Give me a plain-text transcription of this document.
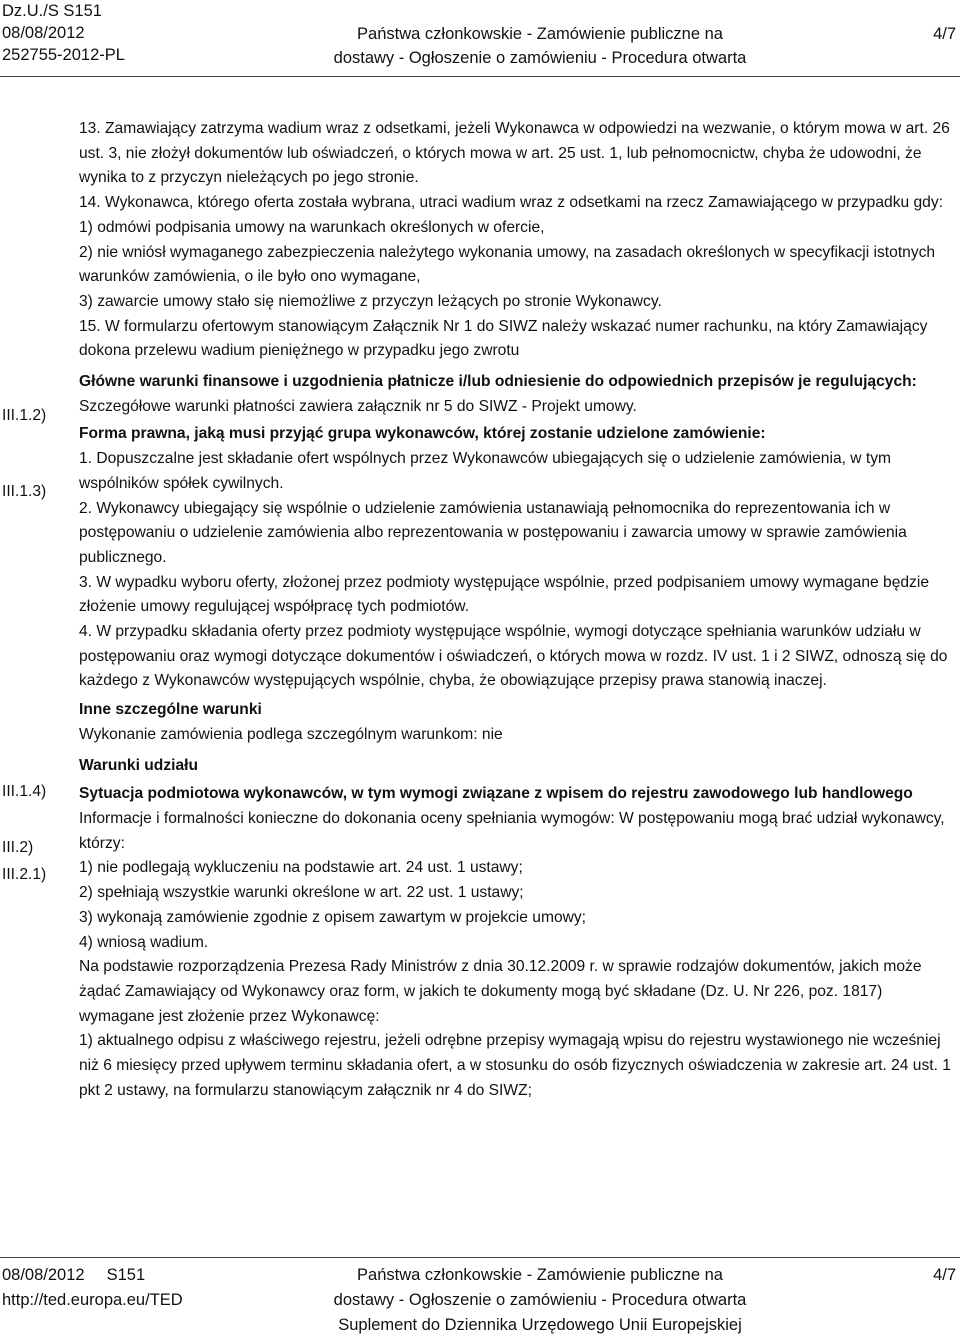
Dz.U./S S151
08/08/2012
252755-2012-PL
Państwa członkowskie - Zamówienie publiczne na
dostawy - Ogłoszenie o zamówieniu - Procedura otwarta
4/7
III.1.2)
III.1.3)
III.1.4)
III.2)
III.2.1)

13. Zamawiający zatrzyma wadium wraz z odsetkami, jeżeli Wykonawca w odpowiedzi na wezwanie, o którym mowa w art. 26 ust. 3, nie złożył dokumentów lub oświadczeń, o których mowa w art. 25 ust. 1, lub pełnomocnictw, chyba że udowodni, że wynika to z przyczyn nieleżących po jego stronie.

14. Wykonawca, którego oferta została wybrana, utraci wadium wraz z odsetkami na rzecz Zamawiającego w przypadku gdy:

1) odmówi podpisania umowy na warunkach określonych w ofercie,

2) nie wniósł wymaganego zabezpieczenia należytego wykonania umowy, na zasadach określonych w specyfikacji istotnych warunków zamówienia, o ile było ono wymagane,

3) zawarcie umowy stało się niemożliwe z przyczyn leżących po stronie Wykonawcy.

15. W formularzu ofertowym stanowiącym Załącznik Nr 1 do SIWZ należy wskazać numer rachunku, na który Zamawiający dokona przelewu wadium pieniężnego w przypadku jego zwrotu

Główne warunki finansowe i uzgodnienia płatnicze i/lub odniesienie do odpowiednich przepisów je regulujących:

Szczegółowe warunki płatności zawiera załącznik nr 5 do SIWZ - Projekt umowy.

Forma prawna, jaką musi przyjąć grupa wykonawców, której zostanie udzielone zamówienie:

1. Dopuszczalne jest składanie ofert wspólnych przez Wykonawców ubiegających się o udzielenie zamówienia, w tym wspólników spółek cywilnych.

2. Wykonawcy ubiegający się wspólnie o udzielenie zamówienia ustanawiają pełnomocnika do reprezentowania ich w postępowaniu o udzielenie zamówienia albo reprezentowania w postępowaniu i zawarcia umowy w sprawie zamówienia publicznego.

3. W wypadku wyboru oferty, złożonej przez podmioty występujące wspólnie, przed podpisaniem umowy wymagane będzie złożenie umowy regulującej współpracę tych podmiotów.

4. W przypadku składania oferty przez podmioty występujące wspólnie, wymogi dotyczące spełniania warunków udziału w postępowaniu oraz wymogi dotyczące dokumentów i oświadczeń, o których mowa w rozdz. IV ust. 1 i 2 SIWZ, odnoszą się do każdego z Wykonawców występujących wspólnie, chyba, że obowiązujące przepisy prawa stanowią inaczej.

Inne szczególne warunki

Wykonanie zamówienia podlega szczególnym warunkom: nie

Warunki udziału

Sytuacja podmiotowa wykonawców, w tym wymogi związane z wpisem do rejestru zawodowego lub handlowego

Informacje i formalności konieczne do dokonania oceny spełniania wymogów: W postępowaniu mogą brać udział wykonawcy, którzy:

1) nie podlegają wykluczeniu na podstawie art. 24 ust. 1 ustawy;

2) spełniają wszystkie warunki określone w art. 22 ust. 1 ustawy;

3) wykonają zamówienie zgodnie z opisem zawartym w projekcie umowy;

4) wniosą wadium.

Na podstawie rozporządzenia Prezesa Rady Ministrów z dnia 30.12.2009 r. w sprawie rodzajów dokumentów, jakich może żądać Zamawiający od Wykonawcy oraz form, w jakich te dokumenty mogą być składane (Dz. U. Nr 226, poz. 1817) wymagane jest złożenie przez Wykonawcę:

1) aktualnego odpisu z właściwego rejestru, jeżeli odrębne przepisy wymagają wpisu do rejestru wystawionego nie wcześniej niż 6 miesięcy przed upływem terminu składania ofert, a w stosunku do osób fizycznych oświadczenia w zakresie art. 24 ust. 1 pkt 2 ustawy, na formularzu stanowiącym załącznik nr 4 do SIWZ;

08/08/2012 S151
http://ted.europa.eu/TED
Państwa członkowskie - Zamówienie publiczne na
dostawy - Ogłoszenie o zamówieniu - Procedura otwarta
Suplement do Dziennika Urzędowego Unii Europejskiej
4/7
